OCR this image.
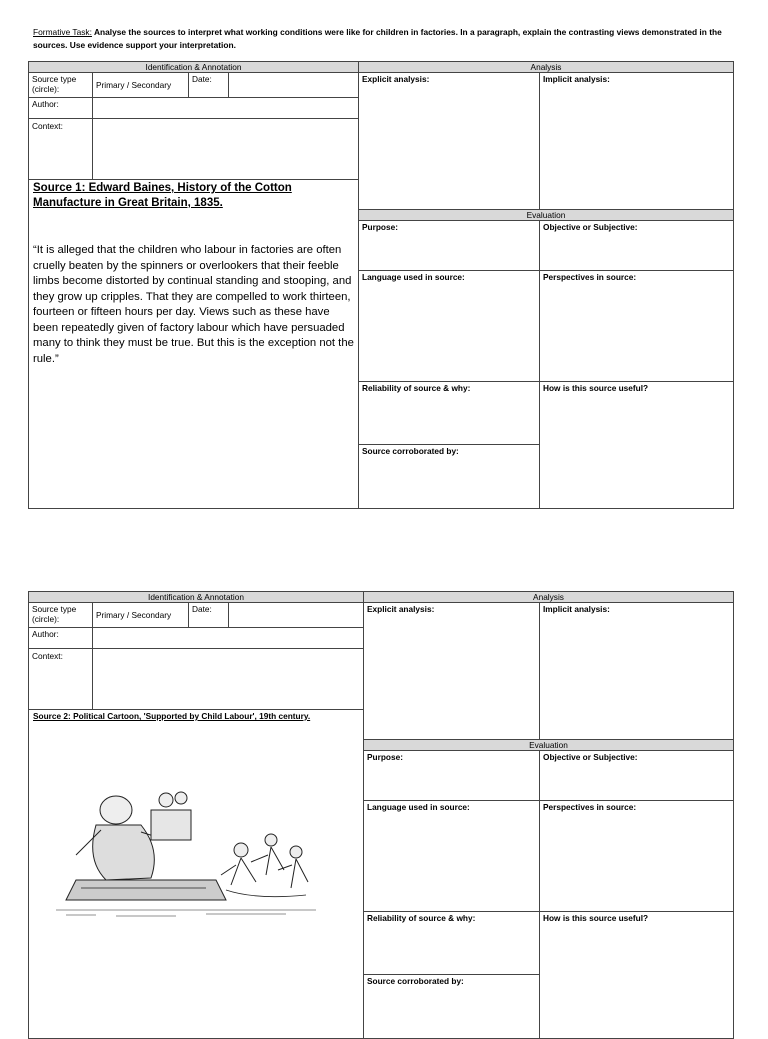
Formative Task: Analyse the sources to interpret what working conditions were like for children in factories. In a paragraph, explain the contrasting views demonstrated in the sources. Use evidence support your interpretation.
Identification & Annotation	Analysis
Source type (circle):	Primary / Secondary
Date:
Author:
Context:
Explicit analysis:	Implicit analysis:
Evaluation
Purpose:	Objective or Subjective:
Language used in source:	Perspectives in source:
Reliability of source & why:	How is this source useful?
Source corroborated by:
Source 1: Edward Baines, History of the Cotton Manufacture in Great Britain, 1835.
“It is alleged that the children who labour in factories are often cruelly beaten by the spinners or overlookers that their feeble limbs become distorted by continual standing and stooping, and they grow up cripples. That they are compelled to work thirteen, fourteen or fifteen hours per day. Views such as these have been repeatedly given of factory labour which have persuaded many to think they must be true. But this is the exception not the rule.”
Identification & Annotation	Analysis
Source type (circle):	Primary / Secondary
Date:
Author:
Context:
Explicit analysis:	Implicit analysis:
Evaluation
Purpose:	Objective or Subjective:
Language used in source:	Perspectives in source:
Reliability of source & why:	How is this source useful?
Source corroborated by:
Source 2: Political Cartoon, 'Supported by Child Labour', 19th century.
